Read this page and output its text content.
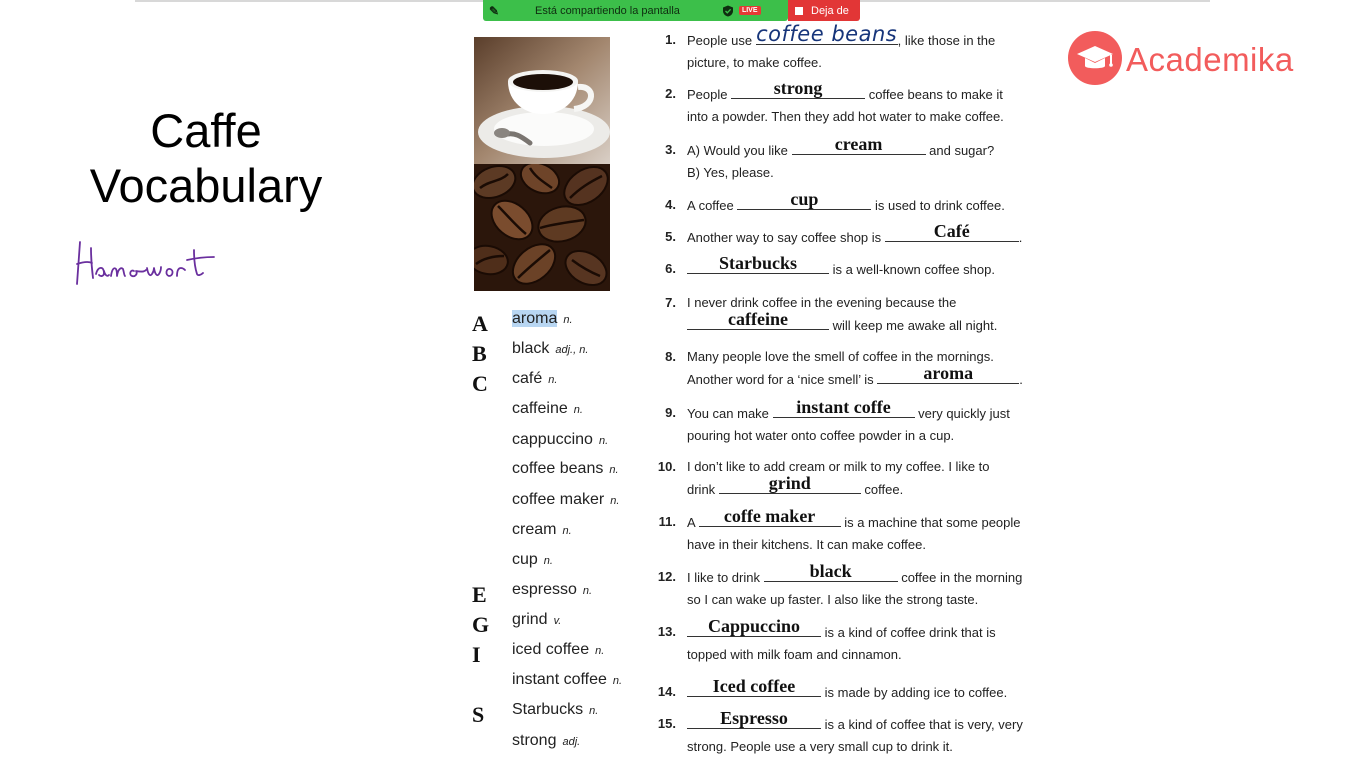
✎	Está compartiendo la pantalla	LIVE	Deja de
Caffe
Vocabulary
Academika
A
B
C
E
G
I
S
aroma n.
black adj., n.
café n.
caffeine n.
cappuccino n.
coffee beans n.
coffee maker n.
cream n.
cup n.
espresso n.
grind v.
iced coffee n.
instant coffee n.
Starbucks n.
strong adj.
1. People use coffee beans , like those in the
picture, to make coffee.
2. People	strong	coffee beans to make it
into a powder. Then they add hot water to make coffee.
3. A) Would you like	cream	and sugar?
B) Yes, please.
4. A coffee	cup	is used to drink coffee.
5. Another way to say coffee shop is	Café	.
6.	Starbucks	is a well-known coffee shop.
7. I never drink coffee in the evening because the
caffeine	will keep me awake all night.
8. Many people love the smell of coffee in the mornings.
Another word for a ‘nice smell’ is	aroma	.
9. You can make	instant coffe	very quickly just
pouring hot water onto coffee powder in a cup.
10. I don’t like to add cream or milk to my coffee. I like to
drink	grind	coffee.
11. A	coffe maker	is a machine that some people
have in their kitchens. It can make coffee.
12. I like to drink	black	coffee in the morning
so I can wake up faster. I also like the strong taste.
13.	Cappuccino	is a kind of coffee drink that is
topped with milk foam and cinnamon.
14.	Iced coffee	is made by adding ice to coffee.
15.	Espresso	is a kind of coffee that is very, very
strong. People use a very small cup to drink it.
